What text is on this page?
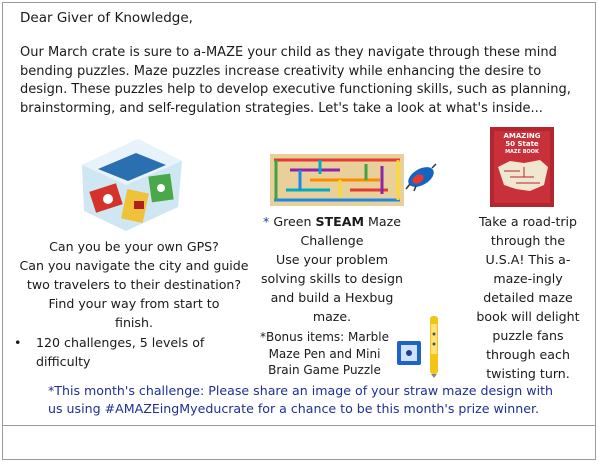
Dear Giver of Knowledge,
Our March crate is sure to a-MAZE your child as they navigate through these mind bending puzzles. Maze puzzles increase creativity while enhancing the desire to design. These puzzles help to develop executive functioning skills, such as planning, brainstorming, and self-regulation strategies. Let's take a look at what's inside...
Can you be your own GPS?
Can you navigate the city and guide
two travelers to their destination?
Find your way from start to
finish.
• 120 challenges, 5 levels of difficulty
* Green STEAM Maze Challenge
Use your problem solving skills to design and build a Hexbug maze.
*Bonus items: Marble Maze Pen and Mini Brain Game Puzzle
AMAZING
50 State
MAZE BOOK
Take a road-trip through the U.S.A! This a-maze-ingly detailed maze book will delight puzzle fans through each twisting turn.
*This month's challenge: Please share an image of your straw maze design with us using #AMAZEingMyeducrate for a chance to be this month's prize winner.
